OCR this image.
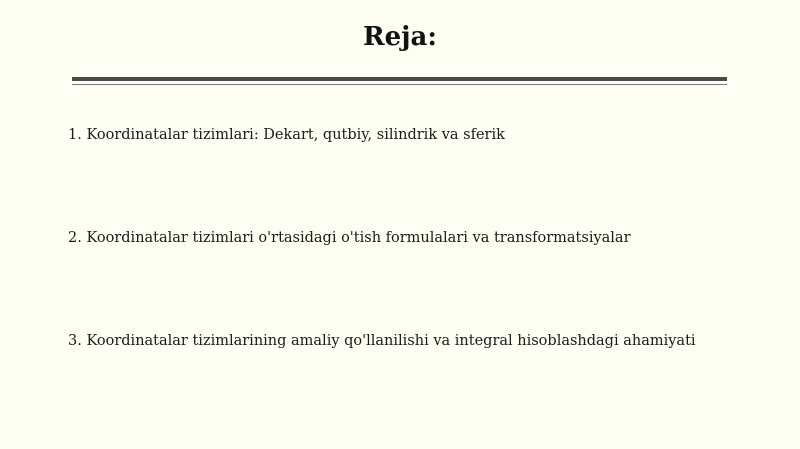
Reja:
1. Koordinatalar tizimlari: Dekart, qutbiy, silindrik va sferik
2. Koordinatalar tizimlari o'rtasidagi o'tish formulalari va transformatsiyalar
3. Koordinatalar tizimlarining amaliy qo'llanilishi va integral hisoblashdagi ahamiyati
